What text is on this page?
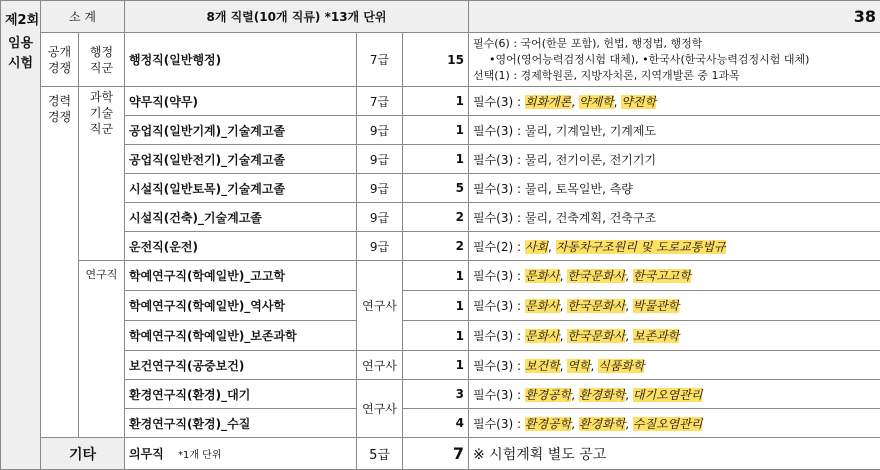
제2회
임용 시험	소 계		8개 직렬(10개 직류) *13개 단위			38	
	공개 경쟁	행정 직군	행정직(일반행정)	7급	15	필수(6) : 국어(한문 포함), 헌법, 행정법, 행정학
•영어(영어능력검정시험 대체), •한국사(한국사능력검정시험 대체)
선택(1) : 경제학원론, 지방자치론, 지역개발론 중 1과목	

	경력 경쟁	과학 기술 직군	약무직(약무)	7급	1	필수(3) : 회화개론, 약제학, 약전학	
			공업직(일반기계)_기술계고졸	9급	1	필수(3) : 물리, 기계일반, 기계제도	
			공업직(일반전기)_기술계고졸	9급	1	필수(3) : 물리, 전기이론, 전기기기	
			시설직(일반토목)_기술계고졸	9급	5	필수(3) : 물리, 토목일반, 측량	
			시설직(건축)_기술계고졸	9급	2	필수(3) : 물리, 건축계획, 건축구조	
			운전직(운전)	9급	2	필수(2) : 사회, 자동차구조원리 및 도로교통법규	
		연구직	학예연구직(학예일반)_고고학	연구사	1	필수(3) : 문화사, 한국문화사, 한국고고학	
			학예연구직(학예일반)_역사학		1	필수(3) : 문화사, 한국문화사, 박물관학	
			학예연구직(학예일반)_보존과학		1	필수(3) : 문화사, 한국문화사, 보존과학	
			보건연구직(공중보건)	연구사	1	필수(3) : 보건학, 역학, 식품화학	
			환경연구직(환경)_대기	연구사	3	필수(3) : 환경공학, 환경화학, 대기오염관리	
			환경연구직(환경)_수질		4	필수(3) : 환경공학, 환경화학, 수질오염관리	
	기타		의무직 *1개 단위	5급	7	※ 시험계획 별도 공고	
